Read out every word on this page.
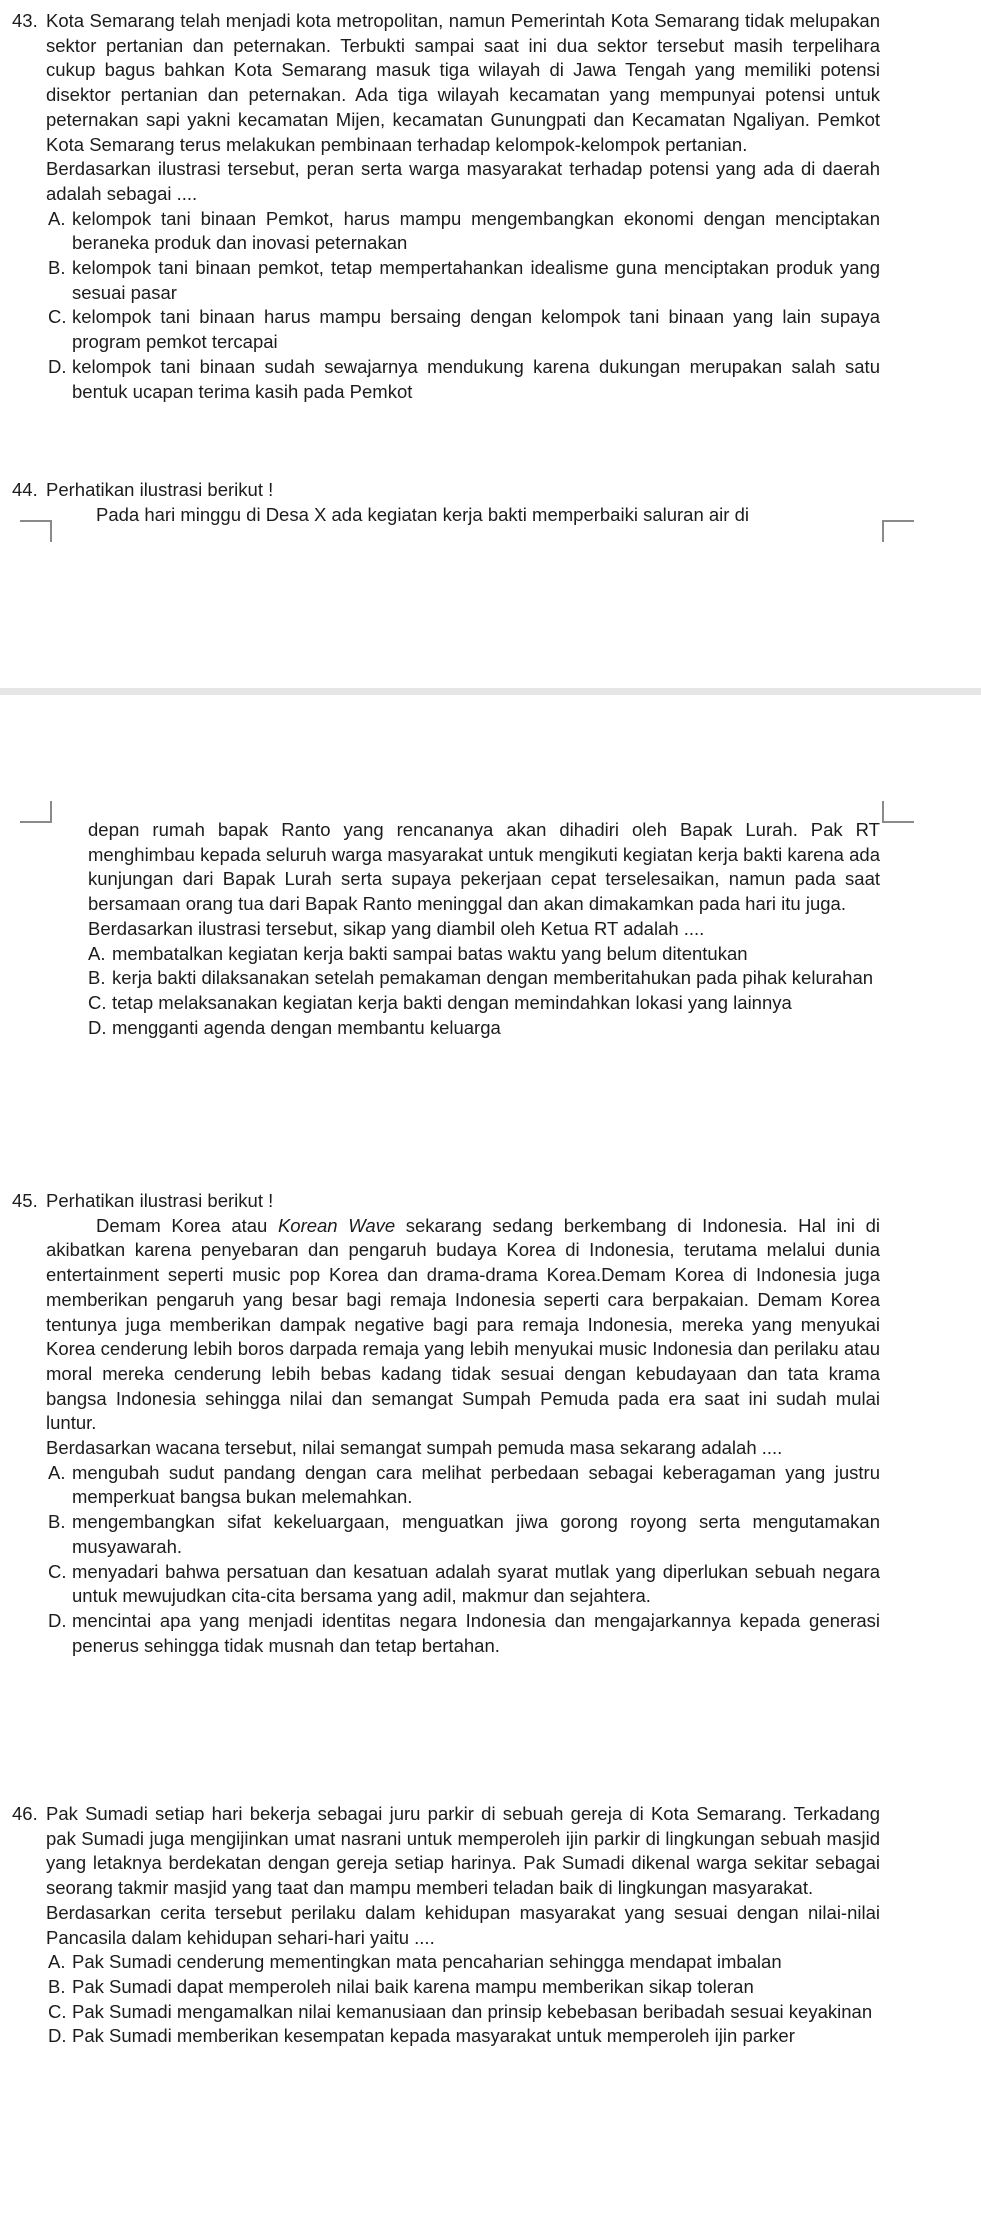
43. Kota Semarang telah menjadi kota metropolitan, namun Pemerintah Kota Semarang tidak melupakan sektor pertanian dan peternakan. Terbukti sampai saat ini dua sektor tersebut masih terpelihara cukup bagus bahkan Kota Semarang masuk tiga wilayah di Jawa Tengah yang memiliki potensi disektor pertanian dan peternakan. Ada tiga wilayah kecamatan yang mempunyai potensi untuk peternakan sapi yakni kecamatan Mijen, kecamatan Gunungpati dan Kecamatan Ngaliyan. Pemkot Kota Semarang terus melakukan pembinaan terhadap kelompok-kelompok pertanian.
Berdasarkan ilustrasi tersebut, peran serta warga masyarakat terhadap potensi yang ada di daerah adalah sebagai ....
A. kelompok tani binaan Pemkot, harus mampu mengembangkan ekonomi dengan menciptakan beraneka produk dan inovasi peternakan
B. kelompok tani binaan pemkot, tetap mempertahankan idealisme guna menciptakan produk yang sesuai pasar
C. kelompok tani binaan harus mampu bersaing dengan kelompok tani binaan yang lain supaya program pemkot tercapai
D. kelompok tani binaan sudah sewajarnya mendukung karena dukungan merupakan salah satu bentuk ucapan terima kasih pada Pemkot
44. Perhatikan ilustrasi berikut !
Pada hari minggu di Desa X ada kegiatan kerja bakti memperbaiki saluran air di
depan rumah bapak Ranto yang rencananya akan dihadiri oleh Bapak Lurah. Pak RT menghimbau kepada seluruh warga masyarakat untuk mengikuti kegiatan kerja bakti karena ada kunjungan dari Bapak Lurah serta supaya pekerjaan cepat terselesaikan, namun pada saat bersamaan orang tua dari Bapak Ranto meninggal dan akan dimakamkan pada hari itu juga.
Berdasarkan ilustrasi tersebut, sikap yang diambil oleh Ketua RT adalah ....
A. membatalkan kegiatan kerja bakti sampai batas waktu yang belum ditentukan
B. kerja bakti dilaksanakan setelah pemakaman dengan memberitahukan pada pihak kelurahan
C. tetap melaksanakan kegiatan kerja bakti dengan memindahkan lokasi yang lainnya
D. mengganti agenda dengan membantu keluarga
45. Perhatikan ilustrasi berikut !
Demam Korea atau Korean Wave sekarang sedang berkembang di Indonesia. Hal ini di akibatkan karena penyebaran dan pengaruh budaya Korea di Indonesia, terutama melalui dunia entertainment seperti music pop Korea dan drama-drama Korea.Demam Korea di Indonesia juga memberikan pengaruh yang besar bagi remaja Indonesia seperti cara berpakaian. Demam Korea tentunya juga memberikan dampak negative bagi para remaja Indonesia, mereka yang menyukai Korea cenderung lebih boros darpada remaja yang lebih menyukai music Indonesia dan perilaku atau moral mereka cenderung lebih bebas kadang tidak sesuai dengan kebudayaan dan tata krama bangsa Indonesia sehingga nilai dan semangat Sumpah Pemuda pada era saat ini sudah mulai luntur.
Berdasarkan wacana tersebut, nilai semangat sumpah pemuda masa sekarang adalah ....
A. mengubah sudut pandang dengan cara melihat perbedaan sebagai keberagaman yang justru memperkuat bangsa bukan melemahkan.
B. mengembangkan sifat kekeluargaan, menguatkan jiwa gorong royong serta mengutamakan musyawarah.
C. menyadari bahwa persatuan dan kesatuan adalah syarat mutlak yang diperlukan sebuah negara untuk mewujudkan cita-cita bersama yang adil, makmur dan sejahtera.
D. mencintai apa yang menjadi identitas negara Indonesia dan mengajarkannya kepada generasi penerus sehingga tidak musnah dan tetap bertahan.
46. Pak Sumadi setiap hari bekerja sebagai juru parkir di sebuah gereja di Kota Semarang. Terkadang pak Sumadi juga mengijinkan umat nasrani untuk memperoleh ijin parkir di lingkungan sebuah masjid yang letaknya berdekatan dengan gereja setiap harinya. Pak Sumadi dikenal warga sekitar sebagai seorang takmir masjid yang taat dan mampu memberi teladan baik di lingkungan masyarakat.
Berdasarkan cerita tersebut perilaku dalam kehidupan masyarakat yang sesuai dengan nilai-nilai Pancasila dalam kehidupan sehari-hari yaitu ....
A. Pak Sumadi cenderung mementingkan mata pencaharian sehingga mendapat imbalan
B. Pak Sumadi dapat memperoleh nilai baik karena mampu memberikan sikap toleran
C. Pak Sumadi mengamalkan nilai kemanusiaan dan prinsip kebebasan beribadah sesuai keyakinan
D. Pak Sumadi memberikan kesempatan kepada masyarakat untuk memperoleh ijin parker
